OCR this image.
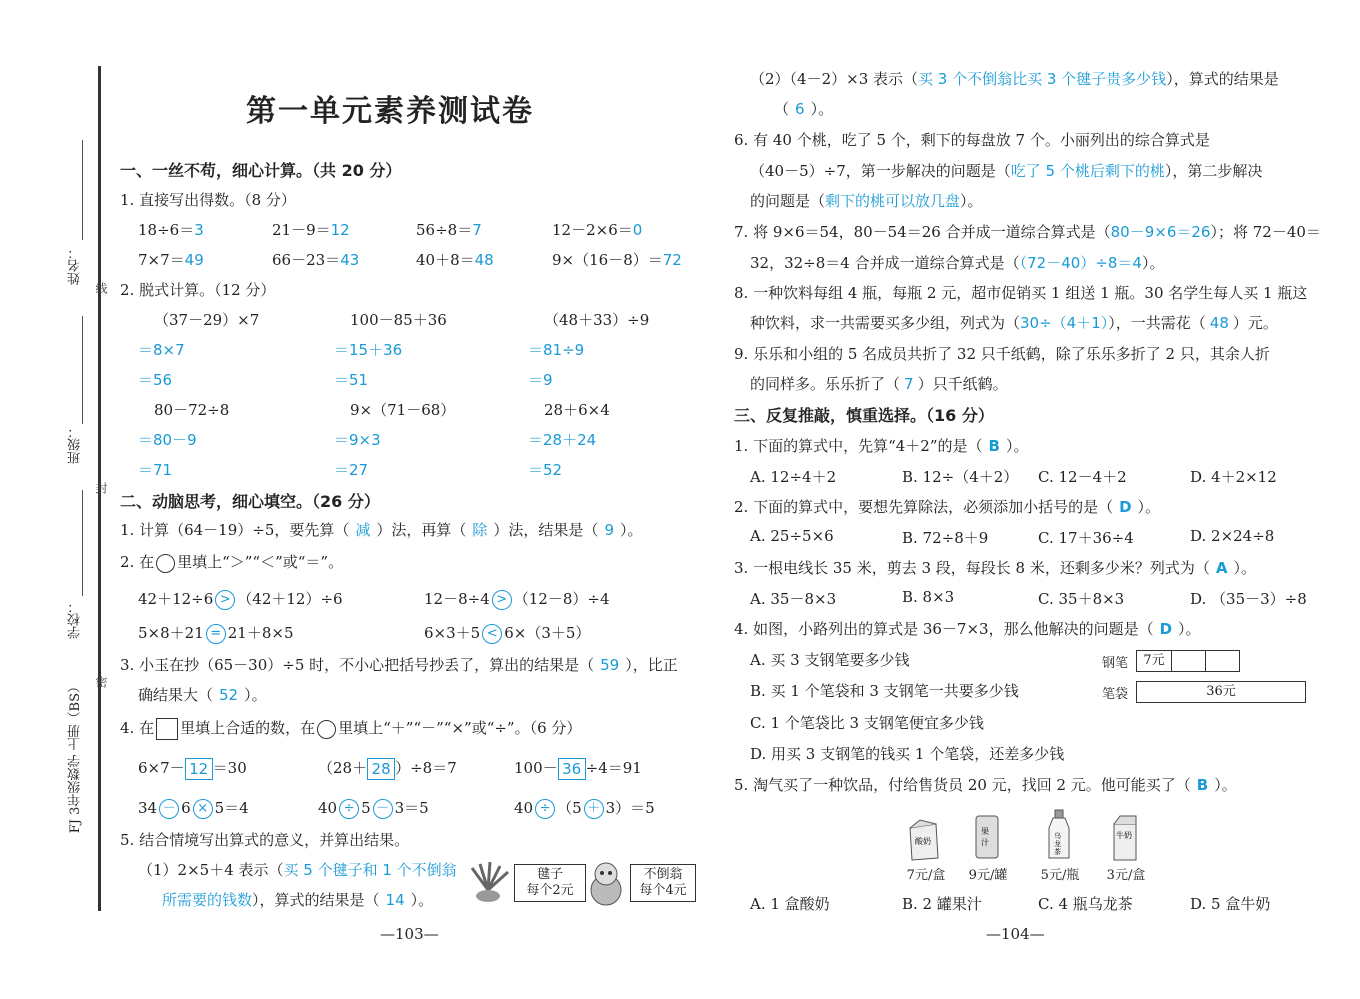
姓名：
班级：
学校：
FJ 3年级数学 上册（BS）
线
封
密
第一单元素养测试卷
一、一丝不苟，细心计算。（共 20 分）
1. 直接写出得数。（8 分）
18÷6＝3	21－9＝12	56÷8＝7	12－2×6＝0
7×7＝49	66－23＝43	40＋8＝48	9×（16－8）＝72
2. 脱式计算。（12 分）
（37－29）×7
＝8×7
＝56
100－85＋36
＝15＋36
＝51
（48＋33）÷9
＝81÷9
＝9
80－72÷8
＝80－9
＝71
9×（71－68）
＝9×3
＝27
28＋6×4
＝28＋24
＝52
二、动脑思考，细心填空。（26 分）
1. 计算（64－19）÷5，要先算（ 减 ）法，再算（ 除 ）法，结果是（ 9 ）。
2. 在 里填上“＞”“＜”或“＝”。
42＋12÷6 > （42＋12）÷6	12－8÷4 > （12－8）÷4
5×8＋21 = 21＋8×5	6×3＋5 < 6×（3＋5）
3. 小玉在抄（65－30）÷5 时，不小心把括号抄丢了，算出的结果是（ 59 ），比正
确结果大（ 52 ）。
4. 在 里填上合适的数，在 里填上“＋”“－”“×”或“÷”。（6 分）
6×7－ 12 ＝30	（28＋ 28 ）÷8＝7	100－ 36 ÷4＝91
34 － 6 × 5＝4	40 ÷ 5 － 3＝5	40 ÷ （5 ＋ 3）＝5
5. 结合情境写出算式的意义，并算出结果。
（1）2×5＋4 表示（买 5 个毽子和 1 个不倒翁
所需要的钱数），算式的结果是（ 14 ）。
毽子
每个2元
不倒翁
每个4元
—103—
（2）（4－2）×3 表示（买 3 个不倒翁比买 3 个毽子贵多少钱），算式的结果是
（ 6 ）。
6. 有 40 个桃，吃了 5 个，剩下的每盘放 7 个。小丽列出的综合算式是
（40－5）÷7，第一步解决的问题是（吃了 5 个桃后剩下的桃），第二步解决
的问题是（剩下的桃可以放几盘）。
7. 将 9×6＝54，80－54＝26 合并成一道综合算式是（80－9×6＝26）；将 72－40＝
32，32÷8＝4 合并成一道综合算式是（（72－40）÷8＝4）。
8. 一种饮料每组 4 瓶，每瓶 2 元，超市促销买 1 组送 1 瓶。30 名学生每人买 1 瓶这
种饮料，求一共需要买多少组，列式为（30÷（4＋1）），一共需花（ 48 ）元。
9. 乐乐和小组的 5 名成员共折了 32 只千纸鹤，除了乐乐多折了 2 只，其余人折
的同样多。乐乐折了（ 7 ）只千纸鹤。
三、反复推敲，慎重选择。（16 分）
1. 下面的算式中，先算“4＋2”的是（ B ）。
A. 12÷4＋2	B. 12÷（4＋2） C. 12－4＋2	D. 4＋2×12
2. 下面的算式中，要想先算除法，必须添加小括号的是（ D ）。
A. 25÷5×6	B. 72÷8＋9	C. 17＋36÷4	D. 2×24÷8
3. 一根电线长 35 米，剪去 3 段，每段长 8 米，还剩多少米？列式为（ A ）。
A. 35－8×3	B. 8×3	C. 35＋8×3	D. （35－3）÷8
4. 如图，小路列出的算式是 36－7×3，那么他解决的问题是（ D ）。
A. 买 3 支钢笔要多少钱
B. 买 1 个笔袋和 3 支钢笔一共要多少钱
C. 1 个笔袋比 3 支钢笔便宜多少钱
D. 用买 3 支钢笔的钱买 1 个笔袋，还差多少钱
钢笔	7元
笔袋	36元
5. 淘气买了一种饮品，付给售货员 20 元，找回 2 元。他可能买了（ B ）。
酸奶
果
汁
乌
龙
茶
牛奶
7元/盒	9元/罐	5元/瓶	3元/盒
A. 1 盒酸奶	B. 2 罐果汁	C. 4 瓶乌龙茶	D. 5 盒牛奶
—104—
